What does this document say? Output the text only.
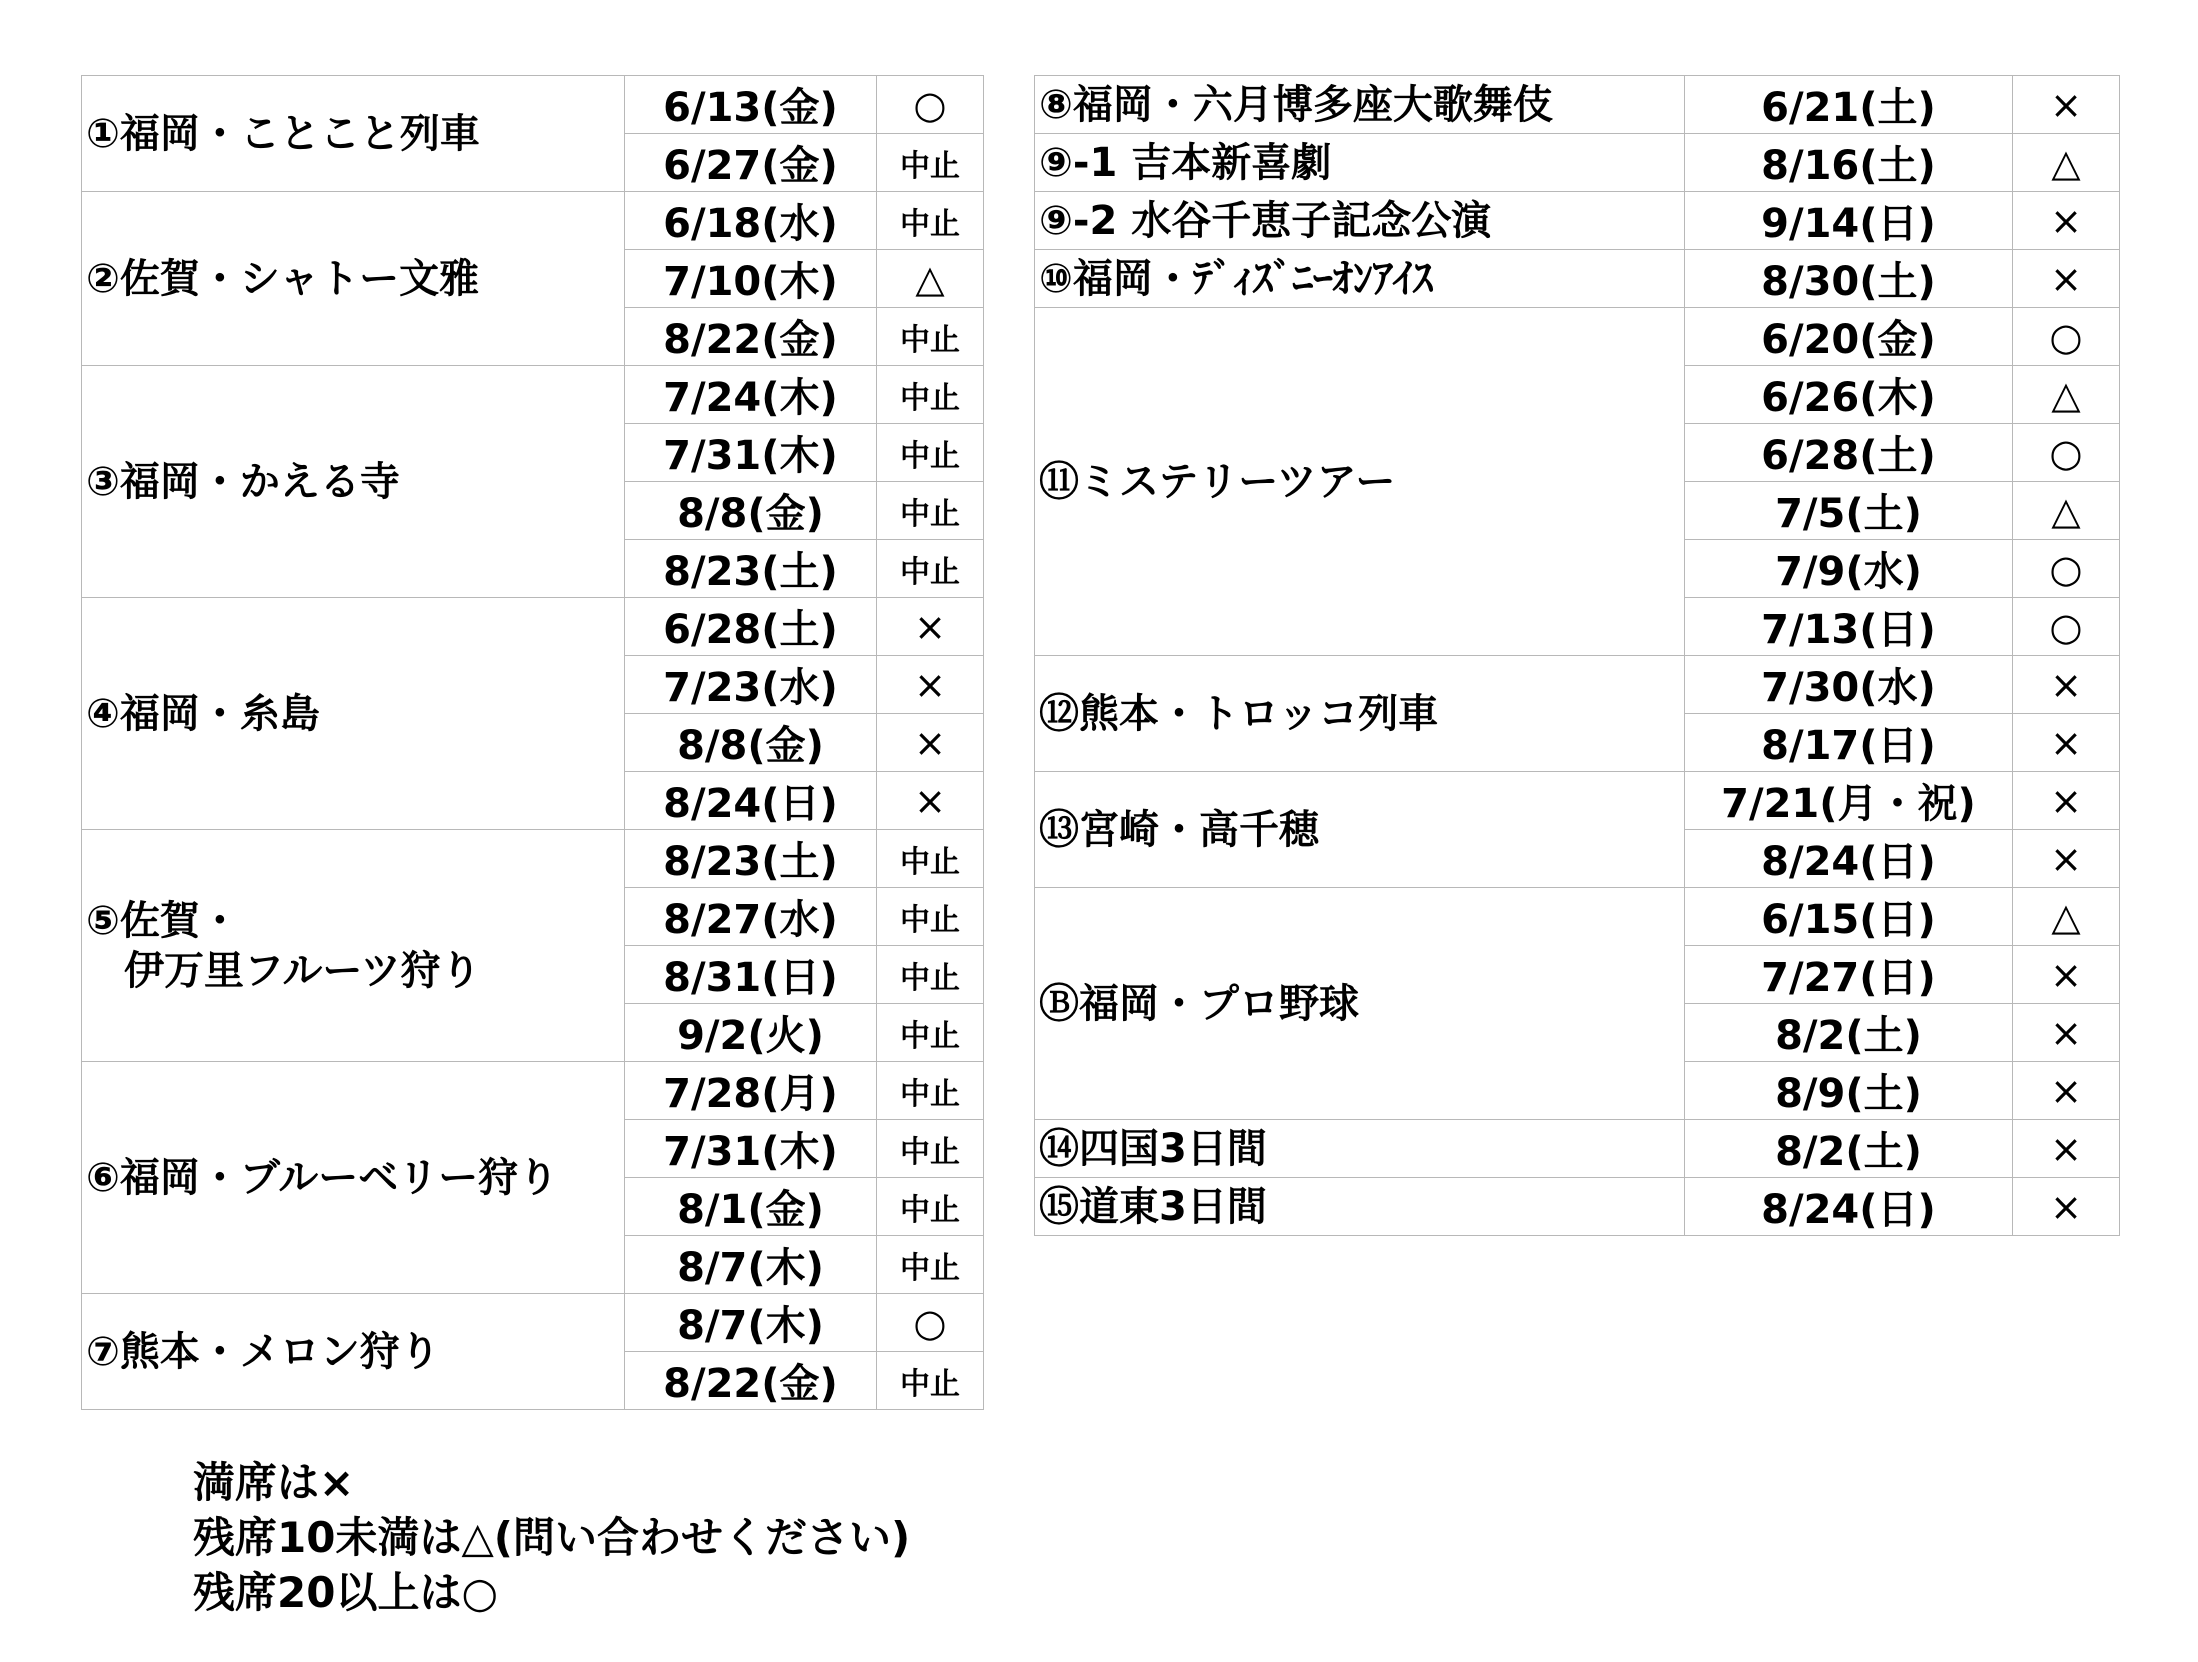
①福岡・ことこと列車	6/13(金)	○
	6/27(金)	中止
②佐賀・シャトー文雅	6/18(水)	中止
	7/10(木)	△
	8/22(金)	中止
③福岡・かえる寺	7/24(木)	中止
	7/31(木)	中止
	8/8(金)	中止
	8/23(土)	中止
④福岡・糸島	6/28(土)	×
	7/23(水)	×
	8/8(金)	×
	8/24(日)	×
⑤佐賀・
伊万里フルーツ狩り	8/23(土)	中止
	8/27(水)	中止
	8/31(日)	中止
	9/2(火)	中止
⑥福岡・ブルーベリー狩り	7/28(月)	中止
	7/31(木)	中止
	8/1(金)	中止
	8/7(木)	中止
⑦熊本・メロン狩り	8/7(木)	○
	8/22(金)	中止
⑧福岡・六月博多座大歌舞伎	6/21(土)	×
⑨-1 吉本新喜劇	8/16(土)	△
⑨-2 水谷千恵子記念公演	9/14(日)	×
⑩福岡・ﾃﾞｨｽﾞﾆｰｵﾝｱｲｽ	8/30(土)	×
⑪ミステリーツアー	6/20(金)	○
	6/26(木)	△
	6/28(土)	○
	7/5(土)	△
	7/9(水)	○
	7/13(日)	○
⑫熊本・トロッコ列車	7/30(水)	×
	8/17(日)	×
⑬宮崎・高千穂	7/21(月・祝)	×
	8/24(日)	×
Ⓑ福岡・プロ野球	6/15(日)	△
	7/27(日)	×
	8/2(土)	×
	8/9(土)	×
⑭四国3日間	8/2(土)	×
⑮道東3日間	8/24(日)	×
満席は×
残席10未満は△(問い合わせください)
残席20以上は○
